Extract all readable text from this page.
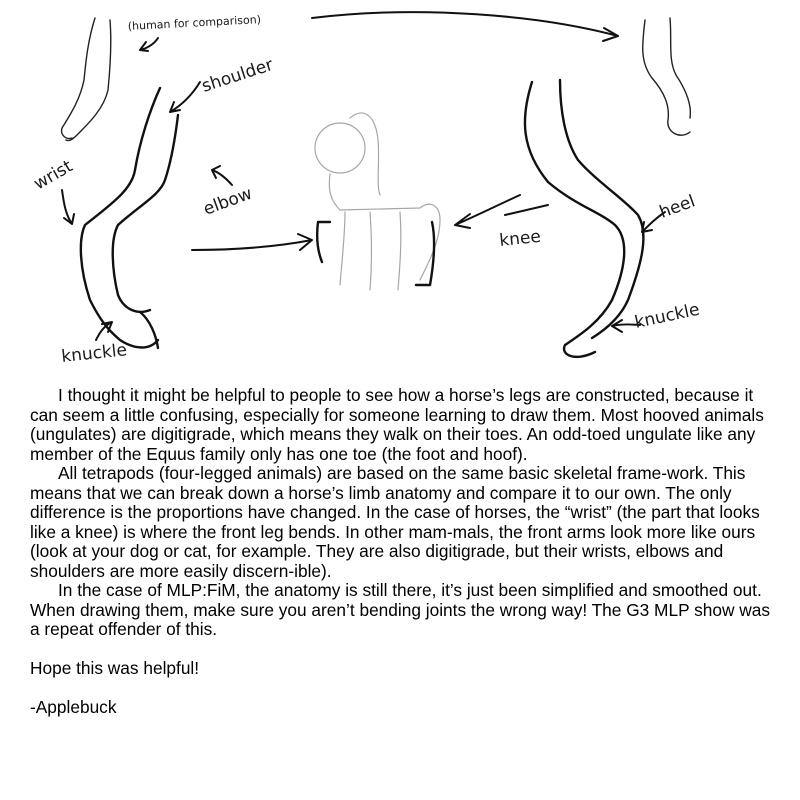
(human for comparison)
shoulder
wrist
elbow
knuckle
knee
heel
knuckle

I thought it might be helpful to people to see how a horse’s legs are constructed, because it can seem a little confusing, especially for someone learning to draw them. Most hooved animals (ungulates) are digitigrade, which means they walk on their toes. An odd-toed ungulate like any member of the Equus family only has one toe (the foot and hoof).

All tetrapods (four-legged animals) are based on the same basic skeletal frame-work. This means that we can break down a horse’s limb anatomy and compare it to our own. The only difference is the proportions have changed. In the case of horses, the “wrist” (the part that looks like a knee) is where the front leg bends. In other mam-mals, the front arms look more like ours (look at your dog or cat, for example. They are also digitigrade, but their wrists, elbows and shoulders are more easily discern-ible).

In the case of MLP:FiM, the anatomy is still there, it’s just been simplified and smoothed out. When drawing them, make sure you aren’t bending joints the wrong way! The G3 MLP show was a repeat offender of this.

Hope this was helpful!

-Applebuck
